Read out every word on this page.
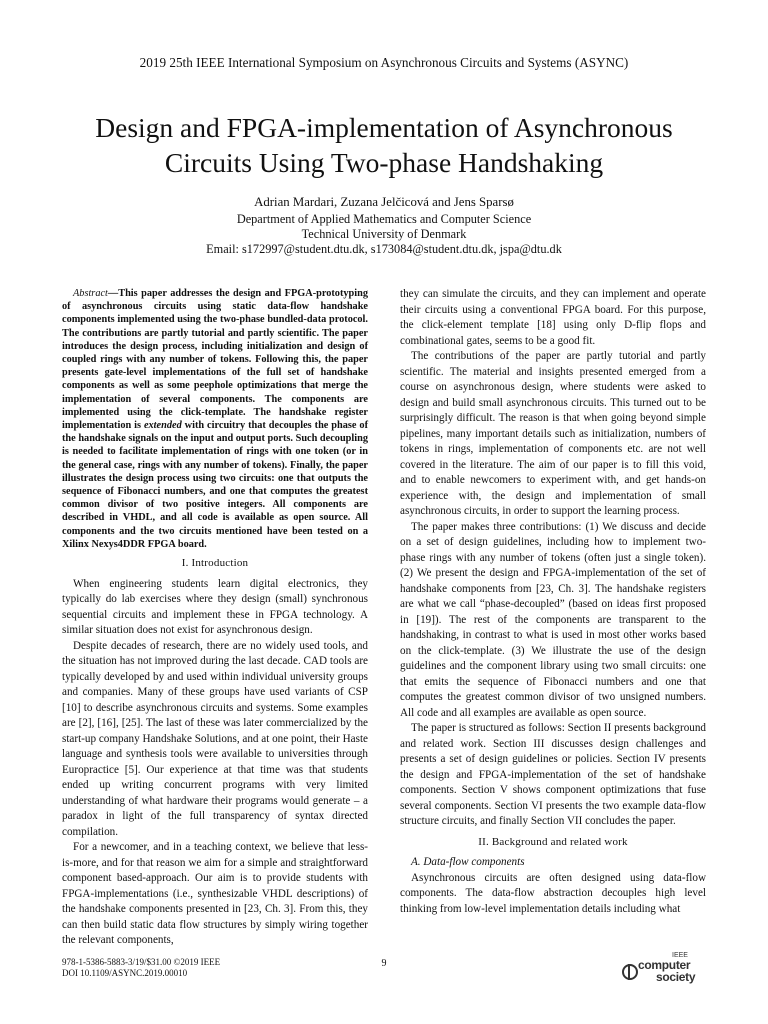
2019 25th IEEE International Symposium on Asynchronous Circuits and Systems (ASYNC)
Design and FPGA-implementation of Asynchronous
Circuits Using Two-phase Handshaking
Adrian Mardari, Zuzana Jelčicová and Jens Sparsø
Department of Applied Mathematics and Computer Science
Technical University of Denmark
Email: s172997@student.dtu.dk, s173084@student.dtu.dk, jspa@dtu.dk

Abstract—This paper addresses the design and FPGA-prototyping of asynchronous circuits using static data-flow handshake components implemented using the two-phase bundled-data protocol. The contributions are partly tutorial and partly scientific. The paper introduces the design process, including initialization and design of coupled rings with any number of tokens. Following this, the paper presents gate-level implementations of the full set of handshake components as well as some peephole optimizations that merge the implementation of several components. The components are implemented using the click-template. The handshake register implementation is extended with circuitry that decouples the phase of the handshake signals on the input and output ports. Such decoupling is needed to facilitate implementation of rings with one token (or in the general case, rings with any number of tokens). Finally, the paper illustrates the design process using two circuits: one that outputs the sequence of Fibonacci numbers, and one that computes the greatest common divisor of two positive integers. All components are described in VHDL, and all code is available as open source. All components and the two circuits mentioned have been tested on a Xilinx Nexys4DDR FPGA board.

I. Introduction

When engineering students learn digital electronics, they typically do lab exercises where they design (small) synchronous sequential circuits and implement these in FPGA technology. A similar situation does not exist for asynchronous design.

Despite decades of research, there are no widely used tools, and the situation has not improved during the last decade. CAD tools are typically developed by and used within individual university groups and companies. Many of these groups have used variants of CSP [10] to describe asynchronous circuits and systems. Some examples are [2], [16], [25]. The last of these was later commercialized by the start-up company Handshake Solutions, and at one point, their Haste language and synthesis tools were available to universities through Europractice [5]. Our experience at that time was that students ended up writing concurrent programs with very limited understanding of what hardware their programs would generate – a paradox in light of the full transparency of syntax directed compilation.

For a newcomer, and in a teaching context, we believe that less-is-more, and for that reason we aim for a simple and straightforward component based-approach. Our aim is to provide students with FPGA-implementations (i.e., synthesizable VHDL descriptions) of the handshake components presented in [23, Ch. 3]. From this, they can then build static data flow structures by simply wiring together the relevant components,

they can simulate the circuits, and they can implement and operate their circuits using a conventional FPGA board. For this purpose, the click-element template [18] using only D-flip flops and combinational gates, seems to be a good fit.

The contributions of the paper are partly tutorial and partly scientific. The material and insights presented emerged from a course on asynchronous design, where students were asked to design and build small asynchronous circuits. This turned out to be surprisingly difficult. The reason is that when going beyond simple pipelines, many important details such as initialization, numbers of tokens in rings, implementation of components etc. are not well covered in the literature. The aim of our paper is to fill this void, and to enable newcomers to experiment with, and get hands-on experience with, the design and implementation of small asynchronous circuits, in order to support the learning process.

The paper makes three contributions: (1) We discuss and decide on a set of design guidelines, including how to implement two-phase rings with any number of tokens (often just a single token). (2) We present the design and FPGA-implementation of the set of handshake components from [23, Ch. 3]. The handshake registers are what we call “phase-decoupled” (based on ideas first proposed in [19]). The rest of the components are transparent to the handshaking, in contrast to what is used in most other works based on the click-template. (3) We illustrate the use of the design guidelines and the component library using two small circuits: one that emits the sequence of Fibonacci numbers and one that computes the greatest common divisor of two unsigned numbers. All code and all examples are available as open source.

The paper is structured as follows: Section II presents background and related work. Section III discusses design challenges and presents a set of design guidelines or policies. Section IV presents the design and FPGA-implementation of the set of handshake components. Section V shows component optimizations that fuse several components. Section VI presents the two example data-flow structure circuits, and finally Section VII concludes the paper.

II. Background and related work

A. Data-flow components

Asynchronous circuits are often designed using data-flow components. The data-flow abstraction decouples high level thinking from low-level implementation details including what

978-1-5386-5883-3/19/$31.00 ©2019 IEEE
DOI 10.1109/ASYNC.2019.00010
9
IEEE
computer
society
